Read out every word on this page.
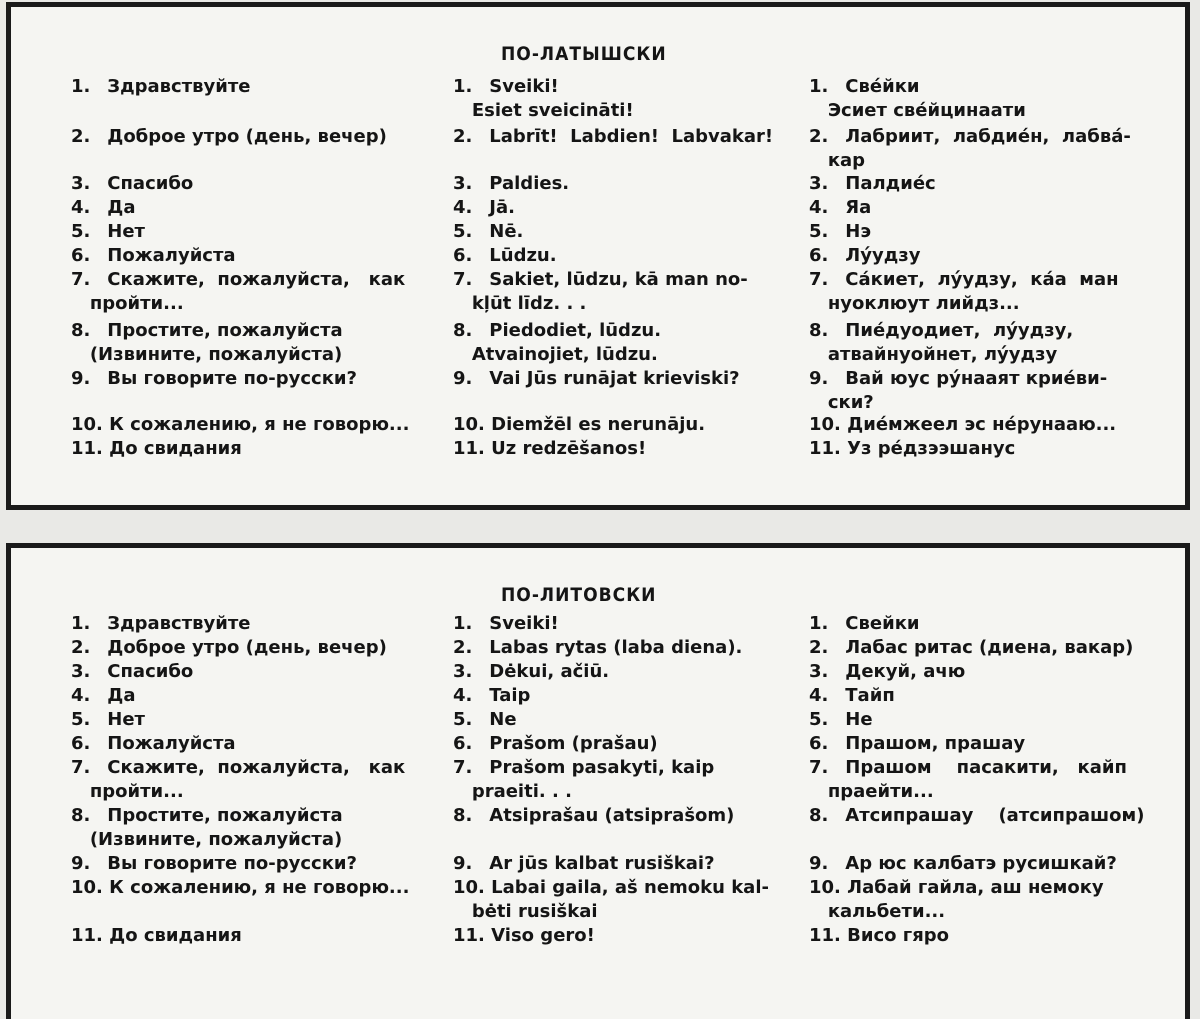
ПО-ЛАТЫШСКИ
1. Здравствуйте
2. Доброе утро (день, вечер)
3. Спасибо
4. Да
5. Нет
6. Пожалуйста
7. Скажите,  пожалуйста,   как
пройти...
8. Простите, пожалуйста
(Извините, пожалуйста)
9. Вы говорите по-русски?
10. К сожалению, я не говорю...
11. До свидания
1. Sveiki!
Esiet sveicināti!
2. Labrīt!  Labdien!  Labvakar!
3. Paldies.
4. Jā.
5. Nē.
6. Lūdzu.
7. Sakiet, lūdzu, kā man no-
kļūt līdz. . .
8. Piedodiet, lūdzu.
Atvainojiet, lūdzu.
9. Vai Jūs runājat krieviski?
10. Diemžēl es nerunāju.
11. Uz redzēšanos!
1. Свéйки
Эсиет свéйцинаати
2. Лабриит,  лабдиéн,  лабвá-
кар
3. Палдиéс
4. Яа
5. Нэ
6. Лýудзу
7. Сáкиет,  лýудзу,  кáа  ман
нуоклюут лийдз...
8. Пиéдуодиет,  лýудзу,
атвайнуойнет, лýудзу
9. Вай юус рýнааят криéви-
ски?
10. Диéмжеел эс нéрунааю...
11. Уз рéдзээшанус
ПО-ЛИТОВСКИ
1. Здравствуйте
2. Доброе утро (день, вечер)
3. Спасибо
4. Да
5. Нет
6. Пожалуйста
7. Скажите,  пожалуйста,   как
пройти...
8. Простите, пожалуйста
(Извините, пожалуйста)
9. Вы говорите по-русски?
10. К сожалению, я не говорю...
11. До свидания
1. Sveiki!
2. Labas rytas (laba diena).
3. Dėkui, ačiū.
4. Taip
5. Ne
6. Prašom (prašau)
7. Prašom pasakyti, kaip
praeiti. . .
8. Atsiprašau (atsiprašom)
9. Ar jūs kalbat rusiškai?
10. Labai gaila, aš nemoku kal-
bėti rusiškai
11. Viso gero!
1. Свейки
2. Лабас ритас (диена, вакар)
3. Декуй, ачю
4. Тайп
5. Не
6. Прашом, прашау
7. Прашом    пасакити,   кайп
праейти...
8. Атсипрашау    (атсипрашом)
9. Ар юс калбатэ русишкай?
10. Лабай гайла, аш немоку
кальбети...
11. Висо гяро
